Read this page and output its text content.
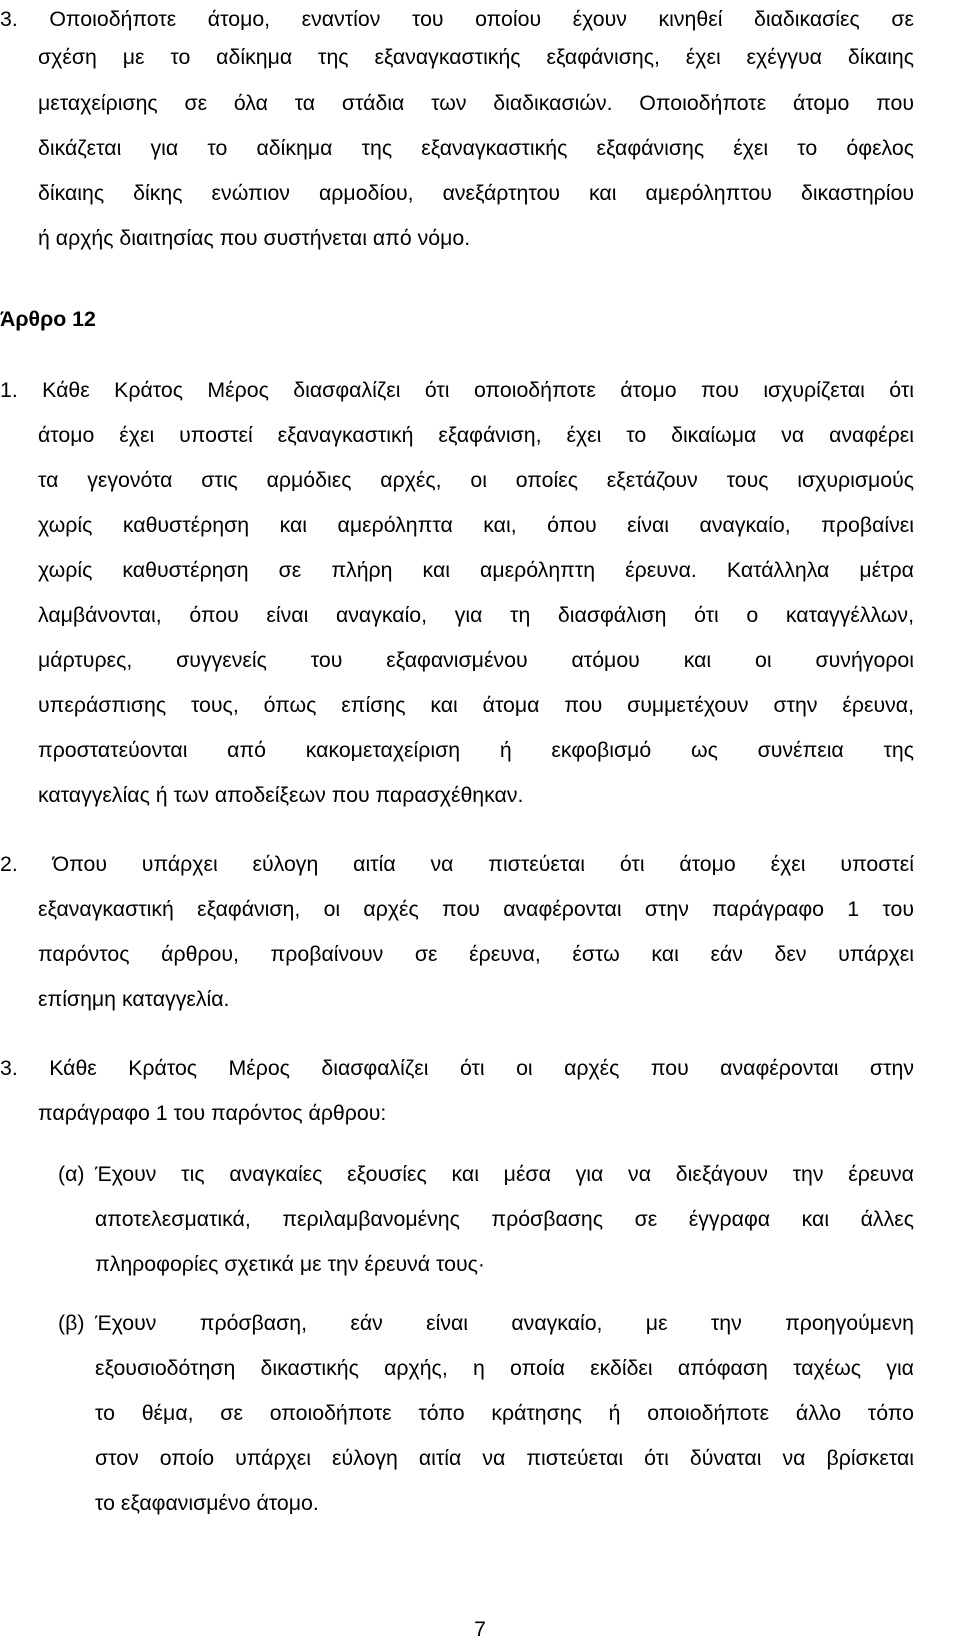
3. Οποιοδήποτε άτομο, εναντίον του οποίου έχουν κινηθεί διαδικασίες σε
σχέση με το αδίκημα της εξαναγκαστικής εξαφάνισης, έχει εχέγγυα δίκαιης
μεταχείρισης σε όλα τα στάδια των διαδικασιών. Οποιοδήποτε άτομο που
δικάζεται για το αδίκημα της εξαναγκαστικής εξαφάνισης έχει το όφελος
δίκαιης δίκης ενώπιον αρμοδίου, ανεξάρτητου και αμερόληπτου δικαστηρίου
ή αρχής διαιτησίας που συστήνεται από νόμο.
Άρθρο 12
1. Κάθε Κράτος Μέρος διασφαλίζει ότι οποιοδήποτε άτομο που ισχυρίζεται ότι
άτομο έχει υποστεί εξαναγκαστική εξαφάνιση, έχει το δικαίωμα να αναφέρει
τα γεγονότα στις αρμόδιες αρχές, οι οποίες εξετάζουν τους ισχυρισμούς
χωρίς καθυστέρηση και αμερόληπτα και, όπου είναι αναγκαίο, προβαίνει
χωρίς καθυστέρηση σε πλήρη και αμερόληπτη έρευνα. Κατάλληλα μέτρα
λαμβάνονται, όπου είναι αναγκαίο, για τη διασφάλιση ότι ο καταγγέλλων,
μάρτυρες, συγγενείς του εξαφανισμένου ατόμου και οι συνήγοροι
υπεράσπισης τους, όπως επίσης και άτομα που συμμετέχουν στην έρευνα,
προστατεύονται από κακομεταχείριση ή εκφοβισμό ως συνέπεια της
καταγγελίας ή των αποδείξεων που παρασχέθηκαν.
2. Όπου υπάρχει εύλογη αιτία να πιστεύεται ότι άτομο έχει υποστεί
εξαναγκαστική εξαφάνιση, οι αρχές που αναφέρονται στην παράγραφο 1 του
παρόντος άρθρου, προβαίνουν σε έρευνα, έστω και εάν δεν υπάρχει
επίσημη καταγγελία.
3. Κάθε Κράτος Μέρος διασφαλίζει ότι οι αρχές που αναφέρονται στην
παράγραφο 1 του παρόντος άρθρου:
(α) Έχουν τις αναγκαίες εξουσίες και μέσα για να διεξάγουν την έρευνα
αποτελεσματικά, περιλαμβανομένης πρόσβασης σε έγγραφα και άλλες
πληροφορίες σχετικά με την έρευνά τους·
(β) Έχουν πρόσβαση, εάν είναι αναγκαίο, με την προηγούμενη
εξουσιοδότηση δικαστικής αρχής, η οποία εκδίδει απόφαση ταχέως για
το θέμα, σε οποιοδήποτε τόπο κράτησης ή οποιοδήποτε άλλο τόπο
στον οποίο υπάρχει εύλογη αιτία να πιστεύεται ότι δύναται να βρίσκεται
το εξαφανισμένο άτομο.
7
